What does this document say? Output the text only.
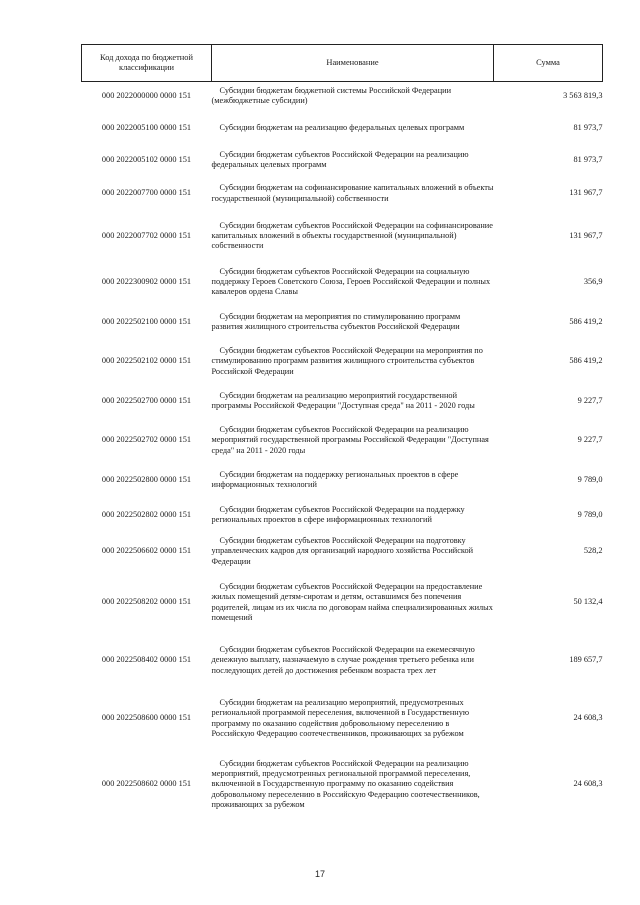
Код дохода по бюджетной классификации	Наименование	Сумма
000 2022000000 0000 151	Субсидии бюджетам бюджетной системы Российской Федерации (межбюджетные субсидии)	3 563 819,3
000 2022005100 0000 151	Субсидии бюджетам на реализацию федеральных целевых программ	81 973,7
000 2022005102 0000 151	Субсидии бюджетам субъектов Российской Федерации на реализацию федеральных целевых программ	81 973,7
000 2022007700 0000 151	Субсидии бюджетам на софинансирование капитальных вложений в объекты государственной (муниципальной) собственности	131 967,7
000 2022007702 0000 151	Субсидии бюджетам субъектов Российской Федерации на софинансирование капитальных вложений в объекты государственной (муниципальной) собственности	131 967,7
000 2022300902 0000 151	Субсидии бюджетам субъектов Российской Федерации на социальную поддержку Героев Советского Союза, Героев Российской Федерации и полных кавалеров ордена Славы	356,9
000 2022502100 0000 151	Субсидии бюджетам на мероприятия по стимулированию программ развития жилищного строительства субъектов Российской Федерации	586 419,2
000 2022502102 0000 151	Субсидии бюджетам субъектов Российской Федерации на мероприятия по стимулированию программ развития жилищного строительства субъектов Российской Федерации	586 419,2
000 2022502700 0000 151	Субсидии бюджетам на реализацию мероприятий государственной программы Российской Федерации "Доступная среда" на 2011 - 2020 годы	9 227,7
000 2022502702 0000 151	Субсидии бюджетам субъектов Российской Федерации на реализацию мероприятий государственной программы Российской Федерации "Доступная среда" на 2011 - 2020 годы	9 227,7
000 2022502800 0000 151	Субсидии бюджетам на поддержку региональных проектов в сфере информационных технологий	9 789,0
000 2022502802 0000 151	Субсидии бюджетам субъектов Российской Федерации на поддержку региональных проектов в сфере информационных технологий	9 789,0
000 2022506602 0000 151	Субсидии бюджетам субъектов Российской Федерации на подготовку управленческих кадров для организаций народного хозяйства Российской Федерации	528,2
000 2022508202 0000 151	Субсидии бюджетам субъектов Российской Федерации на предоставление жилых помещений детям-сиротам и детям, оставшимся без попечения родителей, лицам из их числа по договорам найма специализированных жилых помещений	50 132,4
000 2022508402 0000 151	Субсидии бюджетам субъектов Российской Федерации на ежемесячную денежную выплату, назначаемую в случае рождения третьего ребенка или последующих детей до достижения ребенком возраста трех лет	189 657,7
000 2022508600 0000 151	Субсидии бюджетам на реализацию мероприятий, предусмотренных региональной программой переселения, включенной в Государственную программу по оказанию содействия добровольному переселению в Российскую Федерацию соотечественников, проживающих за рубежом	24 608,3
000 2022508602 0000 151	Субсидии бюджетам субъектов Российской Федерации на реализацию мероприятий, предусмотренных региональной программой переселения, включенной в Государственную программу по оказанию содействия добровольному переселению в Российскую Федерацию соотечественников, проживающих за рубежом	24 608,3
17
